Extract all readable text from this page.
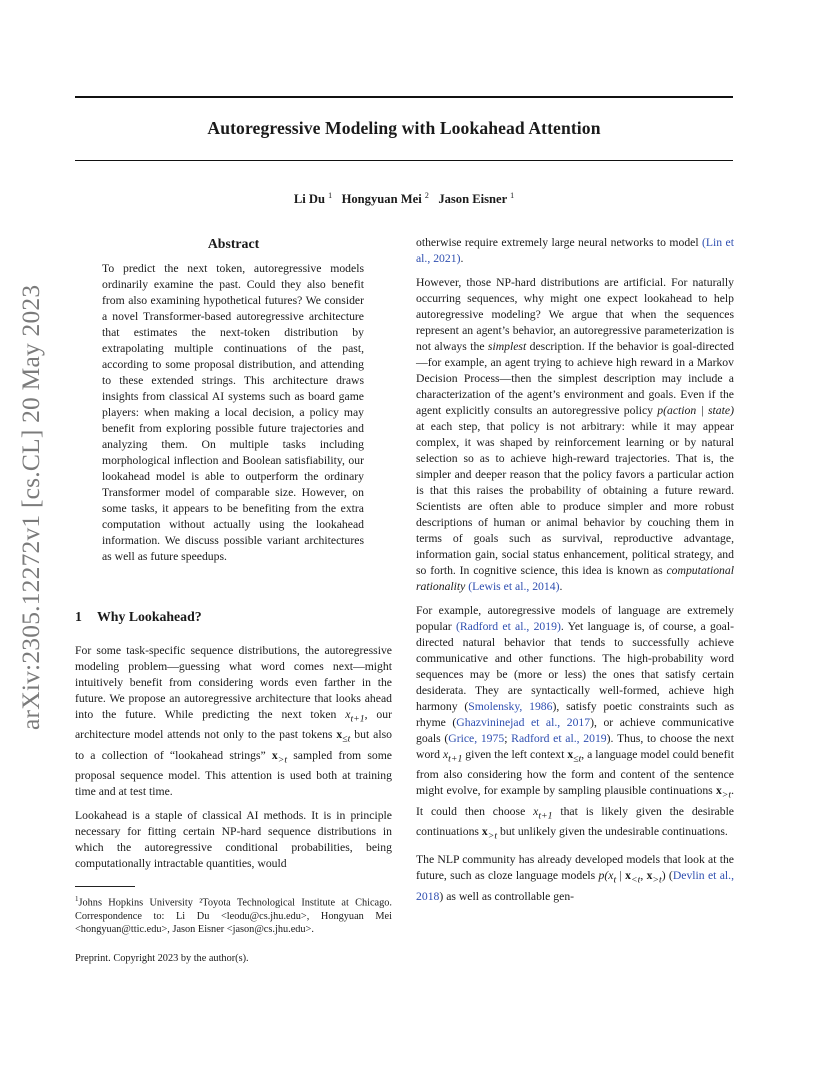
Autoregressive Modeling with Lookahead Attention
Li Du $^1$ Hongyuan Mei $^2$ Jason Eisner $^1$
arXiv:2305.12272v1 [cs.CL] 20 May 2023
Abstract
To predict the next token, autoregressive models ordinarily examine the past. Could they also benefit from also examining hypothetical futures? We consider a novel Transformer-based autoregressive architecture that estimates the next-token distribution by extrapolating multiple continuations of the past, according to some proposal distribution, and attending to these extended strings. This architecture draws insights from classical AI systems such as board game players: when making a local decision, a policy may benefit from exploring possible future trajectories and analyzing them. On multiple tasks including morphological inflection and Boolean satisfiability, our lookahead model is able to outperform the ordinary Transformer model of comparable size. However, on some tasks, it appears to be benefiting from the extra computation without actually using the lookahead information. We discuss possible variant architectures as well as future speedups.
1 Why Lookahead?

For some task-specific sequence distributions, the autoregressive modeling problem—guessing what word comes next—might intuitively benefit from considering words even farther in the future. We propose an autoregressive architecture that looks ahead into the future. While predicting the next token $x_{t+1}$, our architecture model attends not only to the past tokens $x_{\le t}$ but also to a collection of “lookahead strings” $x_{>t}$ sampled from some proposal sequence model. This attention is used both at training time and at test time.

Lookahead is a staple of classical AI methods. It is in principle necessary for fitting certain NP-hard sequence distributions in which the autoregressive conditional probabilities, being computationally intractable quantities, would

$^1$Johns Hopkins University ²Toyota Technological Institute at Chicago. Correspondence to: Li Du <leodu@cs.jhu.edu>, Hongyuan Mei <hongyuan@ttic.edu>, Jason Eisner <jason@cs.jhu.edu>.
Preprint. Copyright 2023 by the author(s).

otherwise require extremely large neural networks to model (Lin et al., 2021).

However, those NP-hard distributions are artificial. For naturally occurring sequences, why might one expect lookahead to help autoregressive modeling? We argue that when the sequences represent an agent’s behavior, an autoregressive parameterization is not always the simplest description. If the behavior is goal-directed—for example, an agent trying to achieve high reward in a Markov Decision Process—then the simplest description may include a characterization of the agent’s environment and goals. Even if the agent explicitly consults an autoregressive policy p(action | state) at each step, that policy is not arbitrary: while it may appear complex, it was shaped by reinforcement learning or by natural selection so as to achieve high-reward trajectories. That is, the simpler and deeper reason that the policy favors a particular action is that this raises the probability of obtaining a future reward. Scientists are often able to produce simpler and more robust descriptions of human or animal behavior by couching them in terms of goals such as survival, reproductive advantage, information gain, social status enhancement, political strategy, and so forth. In cognitive science, this idea is known as computational rationality (Lewis et al., 2014).

For example, autoregressive models of language are extremely popular (Radford et al., 2019). Yet language is, of course, a goal-directed natural behavior that tends to successfully achieve communicative and other functions. The high-probability word sequences may be (more or less) the ones that satisfy certain desiderata. They are syntactically well-formed, achieve high harmony (Smolensky, 1986), satisfy poetic constraints such as rhyme (Ghazvininejad et al., 2017), or achieve communicative goals (Grice, 1975; Radford et al., 2019). Thus, to choose the next word $x_{t+1}$ given the left context $x_{\le t}$, a language model could benefit from also considering how the form and content of the sentence might evolve, for example by sampling plausible continuations $x_{>t}$. It could then choose $x_{t+1}$ that is likely given the desirable continuations $x_{>t}$ but unlikely given the undesirable continuations.

The NLP community has already developed models that look at the future, such as cloze language models $p(x_t$ | $x_{<t}$, $x_{>t}$) (Devlin et al., 2018) as well as controllable gen-
